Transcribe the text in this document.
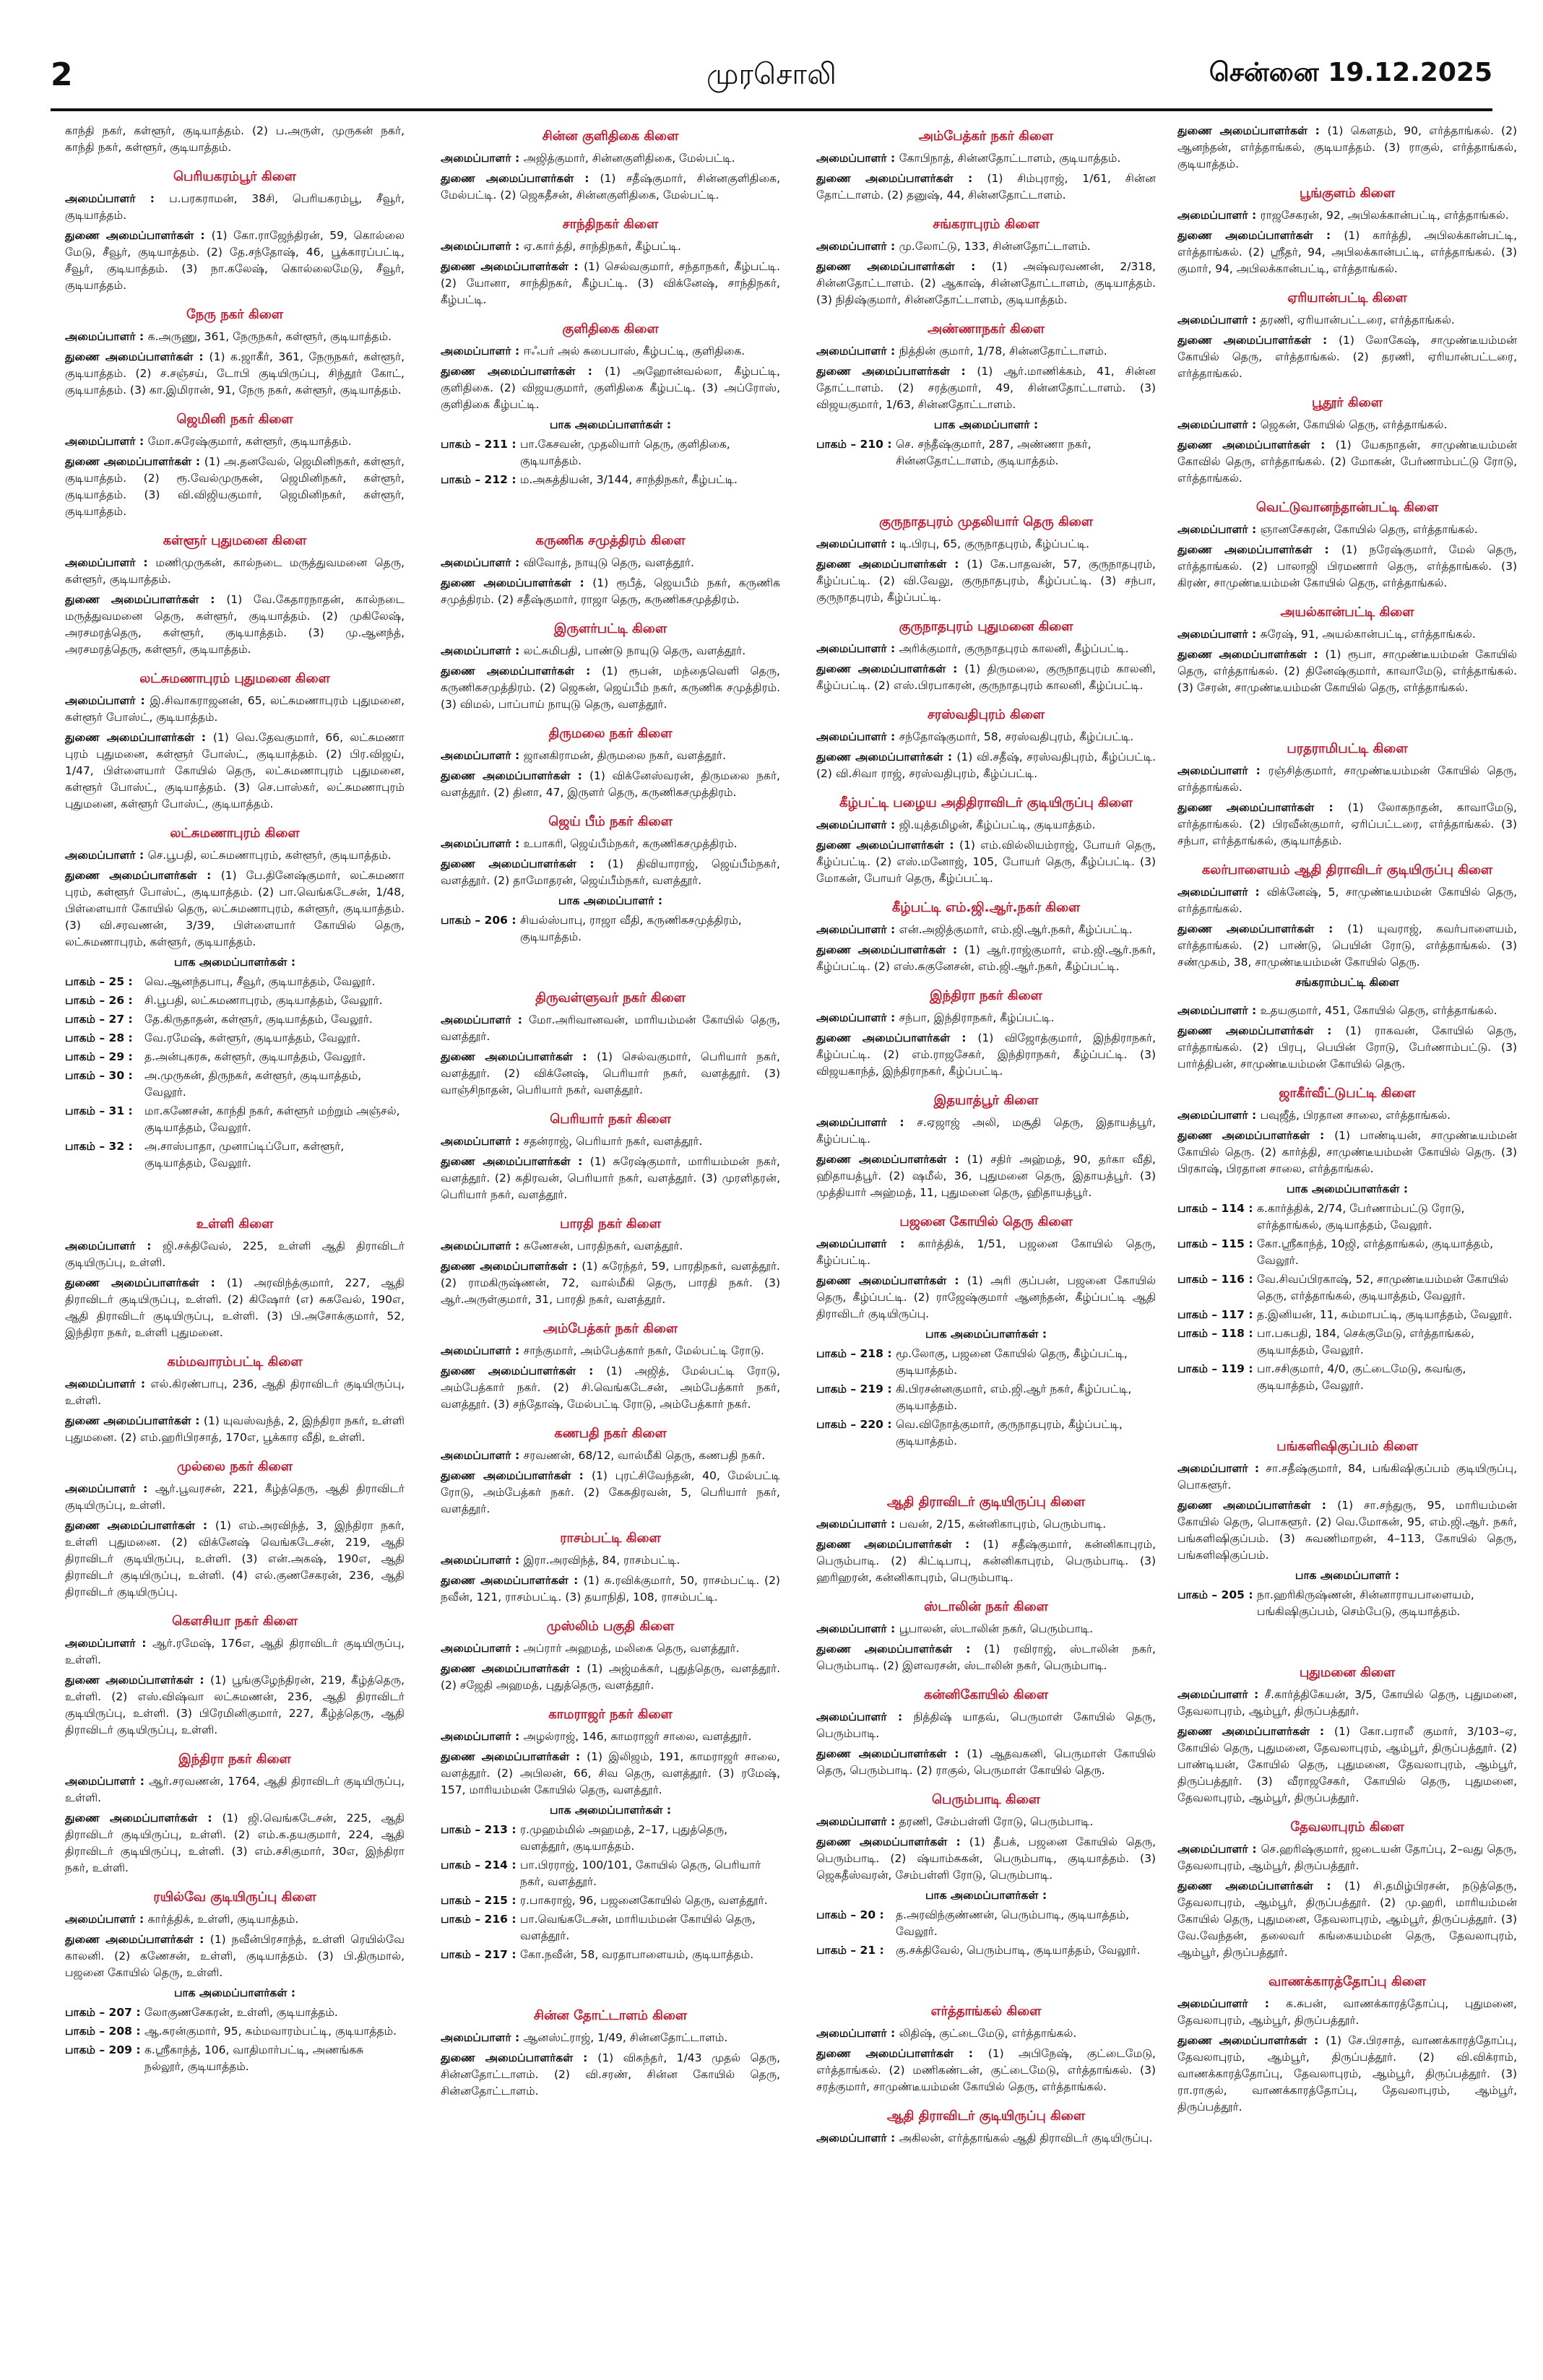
2	முரசொலி	சென்னை 19.12.2025
காந்தி நகர், கள்ளூர், குடியாத்தம். (2) ப.அருள், முருகன் நகர், காந்தி நகர், கள்ளூர், குடியாத்தம்.
பெரியகரம்பூர் கிளை
அமைப்பாளர் : ப.பரகராமன், 38சி, பெரியகரம்பூ, சீவூர், குடியாத்தம்.
துணை அமைப்பாளர்கள் : (1) கோ.ராஜேந்திரன், 59, கொல்லை மேடு, சீவூர், குடியாத்தம். (2) தே.சந்தோஷ், 46, பூக்காரப்பட்டி, சீவூர், குடியாத்தம். (3) நா.கலேஷ், கொல்லைமேடு, சீவூர், குடியாத்தம்.
நேரு நகர் கிளை
அமைப்பாளர் : க.அருணு, 361, நேருநகர், கள்ளூர், குடியாத்தம்.
துணை அமைப்பாளர்கள் : (1) க.ஜாகீர், 361, நேருநகர், கள்ளூர், குடியாத்தம். (2) ச.சஞ்சய், டோபி குடியிருப்பு, சிந்தூர் கோட், குடியாத்தம். (3) கா.இமிரான், 91, நேரு நகர், கள்ளூர், குடியாத்தம்.
ஜெமினி நகர் கிளை
அமைப்பாளர் : மோ.சுரேஷ்குமார், கள்ளூர், குடியாத்தம்.
துணை அமைப்பாளர்கள் : (1) அ.தனவேல், ஜெமினிநகர், கள்ளூர், குடியாத்தம். (2) ரூ.வேல்முருகன், ஜெமினிநகர், கள்ளூர், குடியாத்தம். (3) வி.விஜியகுமார், ஜெமினிநகர், கள்ளூர், குடியாத்தம்.
கள்ளூர் புதுமனை கிளை
அமைப்பாளர் : மணிமுருகன், கால்நடை மருத்துவமனை தெரு, கள்ளூர், குடியாத்தம்.
துணை அமைப்பாளர்கள் : (1) வே.கேதாரநாதன், கால்நடை மருத்துவமனை தெரு, கள்ளூர், குடியாத்தம். (2) முகிலேஷ், அரசமரத்தெரு, கள்ளூர், குடியாத்தம். (3) மு.ஆனந்த், அரசமரத்தெரு, கள்ளூர், குடியாத்தம்.
லட்சுமணாபுரம் புதுமனை கிளை
அமைப்பாளர் : இ.சிவாகராஜனன், 65, லட்சுமணாபுரம் புதுமனை, கள்ளூர் போஸ்ட், குடியாத்தம்.
துணை அமைப்பாளர்கள் : (1) வெ.தேவகுமார், 66, லட்சுமணா புரம் புதுமனை, கள்ளூர் போஸ்ட், குடியாத்தம். (2) பிர.விஜய், 1/47, பிள்ளையார் கோயில் தெரு, லட்சுமணாபுரம் புதுமனை, கள்ளூர் போஸ்ட், குடியாத்தம். (3) செ.பாஸ்கர், லட்சுமணாபுரம் புதுமனை, கள்ளூர் போஸ்ட், குடியாத்தம்.
லட்சுமணாபுரம் கிளை
அமைப்பாளர் : செ.பூபதி, லட்சுமணாபுரம், கள்ளூர், குடியாத்தம்.
துணை அமைப்பாளர்கள் : (1) பே.தினேஷ்குமார், லட்சுமணா புரம், கள்ளூர் போஸ்ட், குடியாத்தம். (2) பா.வெங்கடேசன், 1/48, பிள்ளையார் கோயில் தெரு, லட்சுமணாபுரம், கள்ளூர், குடியாத்தம். (3) வி.சரவணன், 3/39, பிள்ளையார் கோயில் தெரு, லட்சுமணாபுரம், கள்ளூர், குடியாத்தம்.
பாக அமைப்பாளர்கள் :
பாகம் – 25 :	வெ.ஆனந்தபாபு, சீவூர், குடியாத்தம், வேலூர்.
பாகம் – 26 :	சி.பூபதி, லட்சுமணாபுரம், குடியாத்தம், வேலூர்.
பாகம் – 27 :	தே.கிருதாதன், கள்ளூர், குடியாத்தம், வேலூர்.
பாகம் – 28 :	வே.ரமேஷ், கள்ளூர், குடியாத்தம், வேலூர்.
பாகம் – 29 :	த.அன்புகரசு, கள்ளூர், குடியாத்தம், வேலூர்.
பாகம் – 30 :	அ.முருகன், திருநகர், கள்ளூர், குடியாத்தம், வேலூர்.
பாகம் – 31 :	மா.கணேசன், காந்தி நகர், கள்ளூர் மற்றும் அஞ்சல், குடியாத்தம், வேலூர்.
பாகம் – 32 :	அ.சாஸ்பாதா, முனாப்டிப்போ, கள்ளூர், குடியாத்தம், வேலூர்.
உள்ளி கிளை
அமைப்பாளர் : ஜி.சக்திவேல், 225, உள்ளி ஆதி திராவிடர் குடியிருப்பு, உள்ளி.
துணை அமைப்பாளர்கள் : (1) அரவிந்த்குமார், 227, ஆதி திராவிடர் குடியிருப்பு, உள்ளி. (2) கிஷோர் (எ) சுகவேல், 190எ, ஆதி திராவிடர் குடியிருப்பு, உள்ளி. (3) பி.அசோக்குமார், 52, இந்திரா நகர், உள்ளி புதுமனை.
கம்மவாரம்பட்டி கிளை
அமைப்பாளர் : எல்.கிரண்பாபு, 236, ஆதி திராவிடர் குடியிருப்பு, உள்ளி.
துணை அமைப்பாளர்கள் : (1) யுவஸ்வந்த், 2, இந்திரா நகர், உள்ளி புதுமனை. (2) எம்.ஹரிபிரசாத், 170எ, பூக்கார வீதி, உள்ளி.
முல்லை நகர் கிளை
அமைப்பாளர் : ஆர்.பூவரசன், 221, கீழ்த்தெரு, ஆதி திராவிடர் குடியிருப்பு, உள்ளி.
துணை அமைப்பாளர்கள் : (1) எம்.அரவிந்த், 3, இந்திரா நகர், உள்ளி புதுமனை. (2) விக்னேஷ் வெங்கடேசன், 219, ஆதி திராவிடர் குடியிருப்பு, உள்ளி. (3) என்.அகஷ், 190எ, ஆதி திராவிடர் குடியிருப்பு, உள்ளி. (4) எல்.குணசேகரன், 236, ஆதி திராவிடர் குடியிருப்பு.
கௌசியா நகர் கிளை
அமைப்பாளர் : ஆர்.ரமேஷ், 176எ, ஆதி திராவிடர் குடியிருப்பு, உள்ளி.
துணை அமைப்பாளர்கள் : (1) பூங்குழேந்திரன், 219, கீழ்த்தெரு, உள்ளி. (2) எஸ்.விஷ்வா லட்சுமணன், 236, ஆதி திராவிடர் குடியிருப்பு, உள்ளி. (3) பிரேமினிகுமார், 227, கீழ்த்தெரு, ஆதி திராவிடர் குடியிருப்பு, உள்ளி.
இந்திரா நகர் கிளை
அமைப்பாளர் : ஆர்.சரவணன், 1764, ஆதி திராவிடர் குடியிருப்பு, உள்ளி.
துணை அமைப்பாளர்கள் : (1) ஜி.வெங்கடேசன், 225, ஆதி திராவிடர் குடியிருப்பு, உள்ளி. (2) எம்.க.தயகுமார், 224, ஆதி திராவிடர் குடியிருப்பு, உள்ளி. (3) எம்.சசிகுமார், 30எ, இந்திரா நகர், உள்ளி.
ரயில்வே குடியிருப்பு கிளை
அமைப்பாளர் : கார்த்திக், உள்ளி, குடியாத்தம்.
துணை அமைப்பாளர்கள் : (1) நவீன்பிரசாந்த், உள்ளி ரெயில்வே காலனி. (2) கணேசன், உள்ளி, குடியாத்தம். (3) பி.திருமால், பஜனை கோயில் தெரு, உள்ளி.
பாக அமைப்பாளர்கள் :
பாகம் – 207 : லோகுணசேகரன், உள்ளி, குடியாத்தம்.
பாகம் – 208 : ஆ.சுரன்குமார், 95, சும்மவாரம்பட்டி, குடியாத்தம்.
பாகம் – 209 : க.ஸ்ரீகாந்த், 106, வாதிமார்பட்டி, அணங்கசு நல்லூர், குடியாத்தம்.
சின்ன குளிதிகை கிளை
அமைப்பாளர் : அஜித்குமார், சின்னகுளிதிகை, மேல்பட்டி.
துணை அமைப்பாளர்கள் : (1) சதீஷ்குமார், சின்னகுளிதிகை, மேல்பட்டி. (2) ஜெகதீசன், சின்னகுளிதிகை, மேல்பட்டி.
சாந்திநகர் கிளை
அமைப்பாளர் : ஏ.காா்த்தி, சாந்திநகர், கீழ்பட்டி.
துணை அமைப்பாளர்கள் : (1) செல்வகுமார், சந்தாநகர், கீழ்பட்டி. (2) யோனா, சாந்திநகர், கீழ்பட்டி. (3) விக்னேஷ், சாந்திநகர், கீழ்பட்டி.
குளிதிகை கிளை
அமைப்பாளர் : ஈஃபர் அல் சுபைபாஸ், கீழ்பட்டி, குளிதிகை.
துணை அமைப்பாளர்கள் : (1) அஹோன்வல்லா, கீழ்பட்டி, குளிதிகை. (2) விஜயகுமார், குளிதிகை கீழ்பட்டி. (3) அப்ரோஸ், குளிதிகை கீழ்பட்டி.
பாக அமைப்பாளர்கள் :
பாகம் – 211 : பா.கேசவன், முதலியார் தெரு, குளிதிகை, குடியாத்தம்.
பாகம் – 212 : ம.அசுத்தியன், 3/144, சாந்திநகர், கீழ்பட்டி.
கருணிக சமுத்திரம் கிளை
அமைப்பாளர் : விவோத், நாயுடு தெரு, வளத்தூர்.
துணை அமைப்பாளர்கள் : (1) ரூபீத், ஜெயபீம் நகர், கருணிக சமுத்திரம். (2) சதீஷ்குமார், ராஜா தெரு, கருணிகசமுத்திரம்.
இருளர்பட்டி கிளை
அமைப்பாளர் : லட்சுமிபதி, பாண்டு நாயுடு தெரு, வளத்தூர்.
துணை அமைப்பாளர்கள் : (1) ரூபன், மந்தைவெளி தெரு, கருணிகசமுத்திரம். (2) ஜெகன், ஜெய்பீம் நகர், கருணிக சமுத்திரம். (3) விமல், பாப்பாய் நாயுடு தெரு, வளத்தூர்.
திருமலை நகர் கிளை
அமைப்பாளர் : ஜானகிராமன், திருமலை நகர், வளத்தூர்.
துணை அமைப்பாளர்கள் : (1) விக்னேஸ்வரன், திருமலை நகர், வளத்தூர். (2) தினா, 47, இருளர் தெரு, கருணிகசமுத்திரம்.
ஜெய் பீம் நகர் கிளை
அமைப்பாளர் : உபாகரி, ஜெய்பீம்நகர், கருணிகசமுத்திரம்.
துணை அமைப்பாளர்கள் : (1) திவியாராஜ், ஜெய்பீம்நகர், வளத்தூர். (2) தாமோதரன், ஜெய்பீம்நகர், வளத்தூர்.
பாக அமைப்பாளர் :
பாகம் – 206 : சியல்ஸ்பாபு, ராஜா வீதி, கருணிகசமுத்திரம், குடியாத்தம்.
திருவள்ளுவர் நகர் கிளை
அமைப்பாளர் : மோ.அரிவானவன், மாரியம்மன் கோயில் தெரு, வளத்தூர்.
துணை அமைப்பாளர்கள் : (1) செல்வகுமார், பெரியார் நகர், வளத்தூர். (2) விக்னேஷ், பெரியார் நகர், வளத்தூர். (3) வாஞ்சிநாதன், பெரியார் நகர், வளத்தூர்.
பெரியார் நகர் கிளை
அமைப்பாளர் : சதன்ராஜ், பெரியார் நகர், வளத்தூர்.
துணை அமைப்பாளர்கள் : (1) சுரேஷ்குமார், மாரியம்மன் நகர், வளத்தூர். (2) கதிரவன், பெரியார் நகர், வளத்தூர். (3) முரளிதரன், பெரியார் நகர், வளத்தூர்.
பாரதி நகர் கிளை
அமைப்பாளர் : சுணேசன், பாரதிநகர், வளத்தூர்.
துணை அமைப்பாளர்கள் : (1) சுரேந்தர், 59, பாரதிநகர், வளத்தூர். (2) ராமகிருஷ்ணன், 72, வால்மீகி தெரு, பாரதி நகர். (3) ஆர்.அருள்குமார், 31, பாரதி நகர், வளத்தூர்.
அம்பேத்கர் நகர் கிளை
அமைப்பாளர் : சாந்குமார், அம்பேத்கார் நகர், மேல்பட்டி ரோடு.
துணை அமைப்பாளர்கள் : (1) அஜித், மேல்பட்டி ரோடு, அம்பேத்கார் நகர். (2) சி.வெங்கடேசன், அம்பேத்கார் நகர், வளத்தூர். (3) சந்தோஷ், மேல்பட்டி ரோடு, அம்பேத்கார் நகர்.
கணபதி நகர் கிளை
அமைப்பாளர் : சரவணன், 68/12, வால்மீகி தெரு, கணபதி நகர்.
துணை அமைப்பாளர்கள் : (1) புரட்சிவேந்தன், 40, மேல்பட்டி ரோடு, அம்பேத்கர் நகர். (2) கேசுதிரவன், 5, பெரியார் நகர், வளத்தூர்.
ராசம்பட்டி கிளை
அமைப்பாளர் : இரா.அரவிந்த், 84, ராசம்பட்டி.
துணை அமைப்பாளர்கள் : (1) சு.ரவிக்குமார், 50, ராசம்பட்டி. (2) நவீன், 121, ராசம்பட்டி. (3) தயாநிதி, 108, ராசம்பட்டி.
முஸ்லிம் பகுதி கிளை
அமைப்பாளர் : அப்ரார் அஹமத், மலிகை தெரு, வளத்தூர்.
துணை அமைப்பாளர்கள் : (1) அஜ்மக்கர், புதுத்தெரு, வளத்தூர். (2) சஜேதி அஹமத், புதுத்தெரு, வளத்தூர்.
காமராஜர் நகர் கிளை
அமைப்பாளர் : அழல்ராஜ், 146, காமராஜர் சாலை, வளத்தூர்.
துணை அமைப்பாளர்கள் : (1) இலிஜம், 191, காமராஜர் சாலை, வளத்தூர். (2) அபிலன், 66, சிவ தெரு, வளத்தூர். (3) ரமேஷ், 157, மாரியம்மன் கோயில் தெரு, வளத்தூர்.
பாக அமைப்பாளர்கள் :
பாகம் – 213 : ர.முஹம்மில் அஹமத், 2–17, புதுத்தெரு, வளத்தூர், குடியாத்தம்.
பாகம் – 214 : பா.பிரராஜ், 100/101, கோயில் தெரு, பெரியார் நகர், வளத்தூர்.
பாகம் – 215 : ர.பாசுராஜ், 96, பஜனைகோயில் தெரு, வளத்தூர்.
பாகம் – 216 : பா.வெங்கடேசன், மாரியம்மன் கோயில் தெரு, வளத்தூர்.
பாகம் – 217 : கோ.நவீன், 58, வரதாபாளையம், குடியாத்தம்.
சின்ன தோட்டாளம் கிளை
அமைப்பாளர் : ஆனஸ்ட்ராஜ், 1/49, சின்னதோட்டாளம்.
துணை அமைப்பாளர்கள் : (1) விகந்தர், 1/43 முதல் தெரு, சின்னதோட்டாளம். (2) வி.சரண், சின்ன கோயில் தெரு, சின்னதோட்டாளம்.
அம்பேத்கர் நகர் கிளை
அமைப்பாளர் : கோபிநாத், சின்னதோட்டாளம், குடியாத்தம்.
துணை அமைப்பாளர்கள் : (1) சிம்புராஜ், 1/61, சின்ன தோட்டாளம். (2) தனுஷ், 44, சின்னதோட்டாளம்.
சங்கராபுரம் கிளை
அமைப்பாளர் : மு.லோட்டு, 133, சின்னதோட்டாளம்.
துணை அமைப்பாளர்கள் : (1) அஷ்வரவணன், 2/318, சின்னதோட்டாளம். (2) ஆகாஷ், சின்னதோட்டாளம், குடியாத்தம். (3) நிதிஷ்குமார், சின்னதோட்டாளம், குடியாத்தம்.
அண்ணாநகர் கிளை
அமைப்பாளர் : நித்தின் குமார், 1/78, சின்னதோட்டாளம்.
துணை அமைப்பாளர்கள் : (1) ஆர்.மாணிக்கம், 41, சின்ன தோட்டாளம். (2) சரத்குமார், 49, சின்னதோட்டாளம். (3) விஜயகுமார், 1/63, சின்னதோட்டாளம்.
பாக அமைப்பாளர் :
பாகம் – 210 : செ. சந்தீஷ்குமார், 287, அண்ணா நகர், சின்னதோட்டாளம், குடியாத்தம்.
குருநாதபுரம் முதலியார் தெரு கிளை
அமைப்பாளர் : டி.பிரபு, 65, குருநாதபுரம், கீழ்ப்பட்டி.
துணை அமைப்பாளர்கள் : (1) கே.பாதவன், 57, குருநாதபுரம், கீழ்ப்பட்டி. (2) வி.வேலு, குருநாதபுரம், கீழ்ப்பட்டி. (3) சந்பா, குருநாதபுரம், கீழ்ப்பட்டி.
குருநாதபுரம் புதுமனை கிளை
அமைப்பாளர் : அரிக்குமார், குருநாதபுரம் காலனி, கீழ்ப்பட்டி.
துணை அமைப்பாளர்கள் : (1) திருமலை, குருநாதபுரம் காலனி, கீழ்ப்பட்டி. (2) எஸ்.பிரபாகரன், குருநாதபுரம் காலனி, கீழ்ப்பட்டி.
சரஸ்வதிபுரம் கிளை
அமைப்பாளர் : சந்தோஷ்குமார், 58, சரஸ்வதிபுரம், கீழ்ப்பட்டி.
துணை அமைப்பாளர்கள் : (1) வி.சதீஷ், சரஸ்வதிபுரம், கீழ்ப்பட்டி. (2) வி.சிவா ராஜ், சரஸ்வதிபுரம், கீழ்ப்பட்டி.
கீழ்பட்டி பழைய அதிதிராவிடர் குடியிருப்பு கிளை
அமைப்பாளர் : ஜி.யுத்தமிழன், கீழ்ப்பட்டி, குடியாத்தம்.
துணை அமைப்பாளர்கள் : (1) எம்.வில்லியம்ராஜ், போயர் தெரு, கீழ்ப்பட்டி. (2) எஸ்.மனோஜ், 105, போயர் தெரு, கீழ்ப்பட்டி. (3) மோகன், போயர் தெரு, கீழ்ப்பட்டி.
கீழ்பட்டி எம்.ஜி.ஆர்.நகர் கிளை
அமைப்பாளர் : என்.அஜித்குமார், எம்.ஜி.ஆர்.நகர், கீழ்ப்பட்டி.
துணை அமைப்பாளர்கள் : (1) ஆர்.ராஜ்குமார், எம்.ஜி.ஆர்.நகர், கீழ்ப்பட்டி. (2) எஸ்.சுகுனேசன், எம்.ஜி.ஆர்.நகர், கீழ்ப்பட்டி.
இந்திரா நகர் கிளை
அமைப்பாளர் : சந்பா, இந்திராநகர், கீழ்ப்பட்டி.
துணை அமைப்பாளர்கள் : (1) விஜோத்குமார், இந்திராநகர், கீழ்ப்பட்டி. (2) எம்.ராஜசேகர், இந்திராநகர், கீழ்ப்பட்டி. (3) விஜயகாந்த், இந்திராநகர், கீழ்ப்பட்டி.
இதயாத்பூர் கிளை
அமைப்பாளர் : ச.ஏஜாஜ் அலி, மசூதி தெரு, இதாயத்பூர், கீழ்ப்பட்டி.
துணை அமைப்பாளர்கள் : (1) சதிர் அஹ்மத், 90, தர்கா வீதி, ஹிதாயத்பூர். (2) ஷமீல், 36, புதுமனை தெரு, இதாயத்பூர். (3) முத்தியார் அஹ்மத், 11, புதுமனை தெரு, ஹிதாயத்பூர்.
பஜனை கோயில் தெரு கிளை
அமைப்பாளர் : கார்த்திக், 1/51, பஜனை கோயில் தெரு, கீழ்ப்பட்டி.
துணை அமைப்பாளர்கள் : (1) அரி குப்பன், பஜனை கோயில் தெரு, கீழ்ப்பட்டி. (2) ராஜேஷ்குமார் ஆனந்தன், கீழ்ப்பட்டி ஆதி திராவிடர் குடியிருப்பு.
பாக அமைப்பாளர்கள் :
பாகம் – 218 : மூ.லோகு, பஜனை கோயில் தெரு, கீழ்ப்பட்டி, குடியாத்தம்.
பாகம் – 219 : கி.பிரசன்னகுமார், எம்.ஜி.ஆர் நகர், கீழ்ப்பட்டி, குடியாத்தம்.
பாகம் – 220 : வெ.விநோத்குமார், குருநாதபுரம், கீழ்ப்பட்டி, குடியாத்தம்.
ஆதி திராவிடர் குடியிருப்பு கிளை
அமைப்பாளர் : பவன், 2/15, கன்னிகாபுரம், பெரும்பாடி.
துணை அமைப்பாளர்கள் : (1) சதீஷ்குமார், கன்னிகாபுரம், பெரும்பாடி. (2) கிட்டிபாபு, கன்னிகாபுரம், பெரும்பாடி. (3) ஹரிஹரன், கன்னிகாபுரம், பெரும்பாடி.
ஸ்டாலின் நகர் கிளை
அமைப்பாளர் : பூபாலன், ஸ்டாலின் நகர், பெரும்பாடி.
துணை அமைப்பாளர்கள் : (1) ரவிராஜ், ஸ்டாலின் நகர், பெரும்பாடி. (2) இளவரசன், ஸ்டாலின் நகர், பெரும்பாடி.
கன்னிகோயில் கிளை
அமைப்பாளர் : நித்திஷ் யாதவ், பெருமாள் கோயில் தெரு, பெரும்பாடி.
துணை அமைப்பாளர்கள் : (1) ஆதவகனி, பெருமாள் கோயில் தெரு, பெரும்பாடி. (2) ராகுல், பெருமாள் கோயில் தெரு.
பெரும்பாடி கிளை
அமைப்பாளர் : தரணி, சேம்பள்ளி ரோடு, பெரும்பாடி.
துணை அமைப்பாளர்கள் : (1) தீபக், பஜனை கோயில் தெரு, பெரும்பாடி. (2) ஷ்யாம்சுகன், பெரும்பாடி, குடியாத்தம். (3) ஜெகதீஸ்வரன், சேம்பள்ளி ரோடு, பெரும்பாடி.
பாக அமைப்பாளர்கள் :
பாகம் – 20 :	த.அரவிந்குண்ணன், பெரும்பாடி, குடியாத்தம், வேலூர்.
பாகம் – 21 :	கு.சக்திவேல், பெரும்பாடி, குடியாத்தம், வேலூர்.
எர்த்தாங்கல் கிளை
அமைப்பாளர் : லிதிஷ், குட்டைமேடு, எர்த்தாங்கல்.
துணை அமைப்பாளர்கள் : (1) அபிநேஷ், குட்டைமேடு, எர்த்தாங்கல். (2) மணிகண்டன், குட்டைமேடு, எர்த்தாங்கல். (3) சரத்குமார், சாமுண்டீயம்மன் கோயில் தெரு, எர்த்தாங்கல்.
ஆதி திராவிடர் குடியிருப்பு கிளை
அமைப்பாளர் : அகிலன், எர்த்தாங்கல் ஆதி திராவிடர் குடியிருப்பு.
துணை அமைப்பாளர்கள் : (1) கௌதம், 90, எர்த்தாங்கல். (2) ஆனந்தன், எர்த்தாங்கல், குடியாத்தம். (3) ராகுல், எர்த்தாங்கல், குடியாத்தம்.
பூங்குளம் கிளை
அமைப்பாளர் : ராஜசேகரன், 92, அபிலக்கான்பட்டி, எர்த்தாங்கல்.
துணை அமைப்பாளர்கள் : (1) கார்த்தி, அபிலக்கான்பட்டி, எர்த்தாங்கல். (2) ஸ்ரீதர், 94, அபிலக்கான்பட்டி, எர்த்தாங்கல். (3) குமார், 94, அபிலக்கான்பட்டி, எர்த்தாங்கல்.
ஏரியான்பட்டி கிளை
அமைப்பாளர் : தரணி, ஏரியான்பட்டரை, எர்த்தாங்கல்.
துணை அமைப்பாளர்கள் : (1) லோகேஷ், சாமுண்டீயம்மன் கோயில் தெரு, எர்த்தாங்கல். (2) தரணி, ஏரியான்பட்டரை, எர்த்தாங்கல்.
பூதூர் கிளை
அமைப்பாளர் : ஜெகன், கோயில் தெரு, எர்த்தாங்கல்.
துணை அமைப்பாளர்கள் : (1) யேகநாதன், சாமுண்டீயம்மன் கோவில் தெரு, எர்த்தாங்கல். (2) மோகன், பேர்ணாம்பட்டு ரோடு, எர்த்தாங்கல்.
வெட்டுவானந்தான்பட்டி கிளை
அமைப்பாளர் : ஞானசேகரன், கோயில் தெரு, எர்த்தாங்கல்.
துணை அமைப்பாளர்கள் : (1) நரேஷ்குமார், மேல் தெரு, எர்த்தாங்கல். (2) பாலாஜி பிரமணார் தெரு, எர்த்தாங்கல். (3) கிரண், சாமுண்டீயம்மன் கோயில் தெரு, எர்த்தாங்கல்.
அயல்கான்பட்டி கிளை
அமைப்பாளர் : சுரேஷ், 91, அயல்கான்பட்டி, எர்த்தாங்கல்.
துணை அமைப்பாளர்கள் : (1) ரூபா, சாமுண்டீயம்மன் கோயில் தெரு, எர்த்தாங்கல். (2) தினேஷ்குமார், காவாமேடு, எர்த்தாங்கல். (3) சேரன், சாமுண்டீயம்மன் கோயில் தெரு, எர்த்தாங்கல்.
பரதராமிபட்டி கிளை
அமைப்பாளர் : ரஞ்சித்குமார், சாமுண்டீயம்மன் கோயில் தெரு, எர்த்தாங்கல்.
துணை அமைப்பாளர்கள் : (1) லோகநாதன், காவாமேடு, எர்த்தாங்கல். (2) பிரவீன்குமார், ஏரிப்பட்டரை, எர்த்தாங்கல். (3) சந்பா, எர்த்தாங்கல், குடியாத்தம்.
கலர்பாளையம் ஆதி திராவிடர் குடியிருப்பு கிளை
அமைப்பாளர் : விக்னேஷ், 5, சாமுண்டீயம்மன் கோயில் தெரு, எர்த்தாங்கல்.
துணை அமைப்பாளர்கள் : (1) யுவராஜ், கவர்பாளையம், எர்த்தாங்கல். (2) பாண்டு, பெயின் ரோடு, எர்த்தாங்கல். (3) சண்முகம், 38, சாமுண்டீயம்மன் கோயில் தெரு.
சங்கராம்பட்டி கிளை
அமைப்பாளர் : உதயகுமார், 451, கோயில் தெரு, எர்த்தாங்கல்.
துணை அமைப்பாளர்கள் : (1) ராகவன், கோயில் தெரு, எர்த்தாங்கல். (2) பிரபு, பெயின் ரோடு, பேர்ணாம்பட்டு. (3) பார்த்திபன், சாமுண்டீயம்மன் கோயில் தெரு.
ஜாகீர்வீட்டுபட்டி கிளை
அமைப்பாளர் : பவுஜீத், பிரதான சாலை, எர்த்தாங்கல்.
துணை அமைப்பாளர்கள் : (1) பாண்டியன், சாமுண்டீயம்மன் கோயில் தெரு. (2) கார்த்தி, சாமுண்டீயம்மன் கோயில் தெரு. (3) பிரகாஷ், பிரதான சாலை, எர்த்தாங்கல்.
பாக அமைப்பாளர்கள் :
பாகம் – 114 : க.கார்த்திக், 2/74, பேர்ணாம்பட்டு ரோடு, எர்த்தாங்கல், குடியாத்தம், வேலூர்.
பாகம் – 115 : கோ.ஸ்ரீகாந்த், 10ஜி, எர்த்தாங்கல், குடியாத்தம், வேலூர்.
பாகம் – 116 : வே.சிவப்பிரகாஷ், 52, சாமுண்டீயம்மன் கோயில் தெரு, எர்த்தாங்கல், குடியாத்தம், வேலூர்.
பாகம் – 117 : த.இனியன், 11, சும்மாபட்டி, குடியாத்தம், வேலூர்.
பாகம் – 118 : பா.பசுபதி, 184, செக்குமேடு, எர்த்தாங்கல், குடியாத்தம், வேலூர்.
பாகம் – 119 : பா.சசிகுமார், 4/0, குட்டைமேடு, கவங்கு, குடியாத்தம், வேலூர்.
பங்களிஷிகுப்பம் கிளை
அமைப்பாளர் : சா.சதீஷ்குமார், 84, பங்கிஷிகுப்பம் குடியிருப்பு, பொகளூர்.
துணை அமைப்பாளர்கள் : (1) சா.சந்துரு, 95, மாரியம்மன் கோயில் தெரு, பொகளூர். (2) வெ.மோகன், 95, எம்.ஜி.ஆர். நகர், பங்களிஷிகுப்பம். (3) சுவணிமாறன், 4–113, கோயில் தெரு, பங்களிஷிகுப்பம்.
பாக அமைப்பாளர் :
பாகம் – 205 : நா.ஹரிகிருஷ்ணன், சின்னாராயபாளையம், பங்கிஷிகுப்பம், செம்பேடு, குடியாத்தம்.
புதுமனை கிளை
அமைப்பாளர் : சீ.கார்த்திகேயன், 3/5, கோயில் தெரு, புதுமனை, தேவலாபுரம், ஆம்பூர், திருப்பத்தூர்.
துணை அமைப்பாளர்கள் : (1) கோ.பராலீ குமார், 3/103–ஏ, கோயில் தெரு, புதுமனை, தேவலாபுரம், ஆம்பூர், திருப்பத்தூர். (2) பாண்டியன், கோயில் தெரு, புதுமனை, தேவலாபுரம், ஆம்பூர், திருப்பத்தூர். (3) வீராஜசேகர், கோயில் தெரு, புதுமனை, தேவலாபுரம், ஆம்பூர், திருப்பத்தூர்.
தேவலாபுரம் கிளை
அமைப்பாளர் : செ.ஹரிஷ்குமார், ஜடையன் தோப்பு, 2–வது தெரு, தேவலாபுரம், ஆம்பூர், திருப்பத்தூர்.
துணை அமைப்பாளர்கள் : (1) சி.தமிழ்பிரசன், நடுத்தெரு, தேவலாபுரம், ஆம்பூர், திருப்பத்தூர். (2) மு.ஹரி, மாரியம்மன் கோயில் தெரு, புதுமனை, தேவலாபுரம், ஆம்பூர், திருப்பத்தூர். (3) வே.வேந்தன், தலைவர் கங்கையம்மன் தெரு, தேவலாபுரம், ஆம்பூர், திருப்பத்தூர்.
வாணக்காரத்தோப்பு கிளை
அமைப்பாளர் : க.சுபன், வாணக்காரத்தோப்பு, புதுமனை, தேவலாபுரம், ஆம்பூர், திருப்பத்தூர்.
துணை அமைப்பாளர்கள் : (1) சே.பிரசாத், வாணக்காரத்தோப்பு, தேவலாபுரம், ஆம்பூர், திருப்பத்தூர். (2) வி.விக்ராம், வாணக்காரத்தோப்பு, தேவலாபுரம், ஆம்பூர், திருப்பத்தூர். (3) ரா.ராகுல், வாணக்காரத்தோப்பு, தேவலாபுரம், ஆம்பூர், திருப்பத்தூர்.
